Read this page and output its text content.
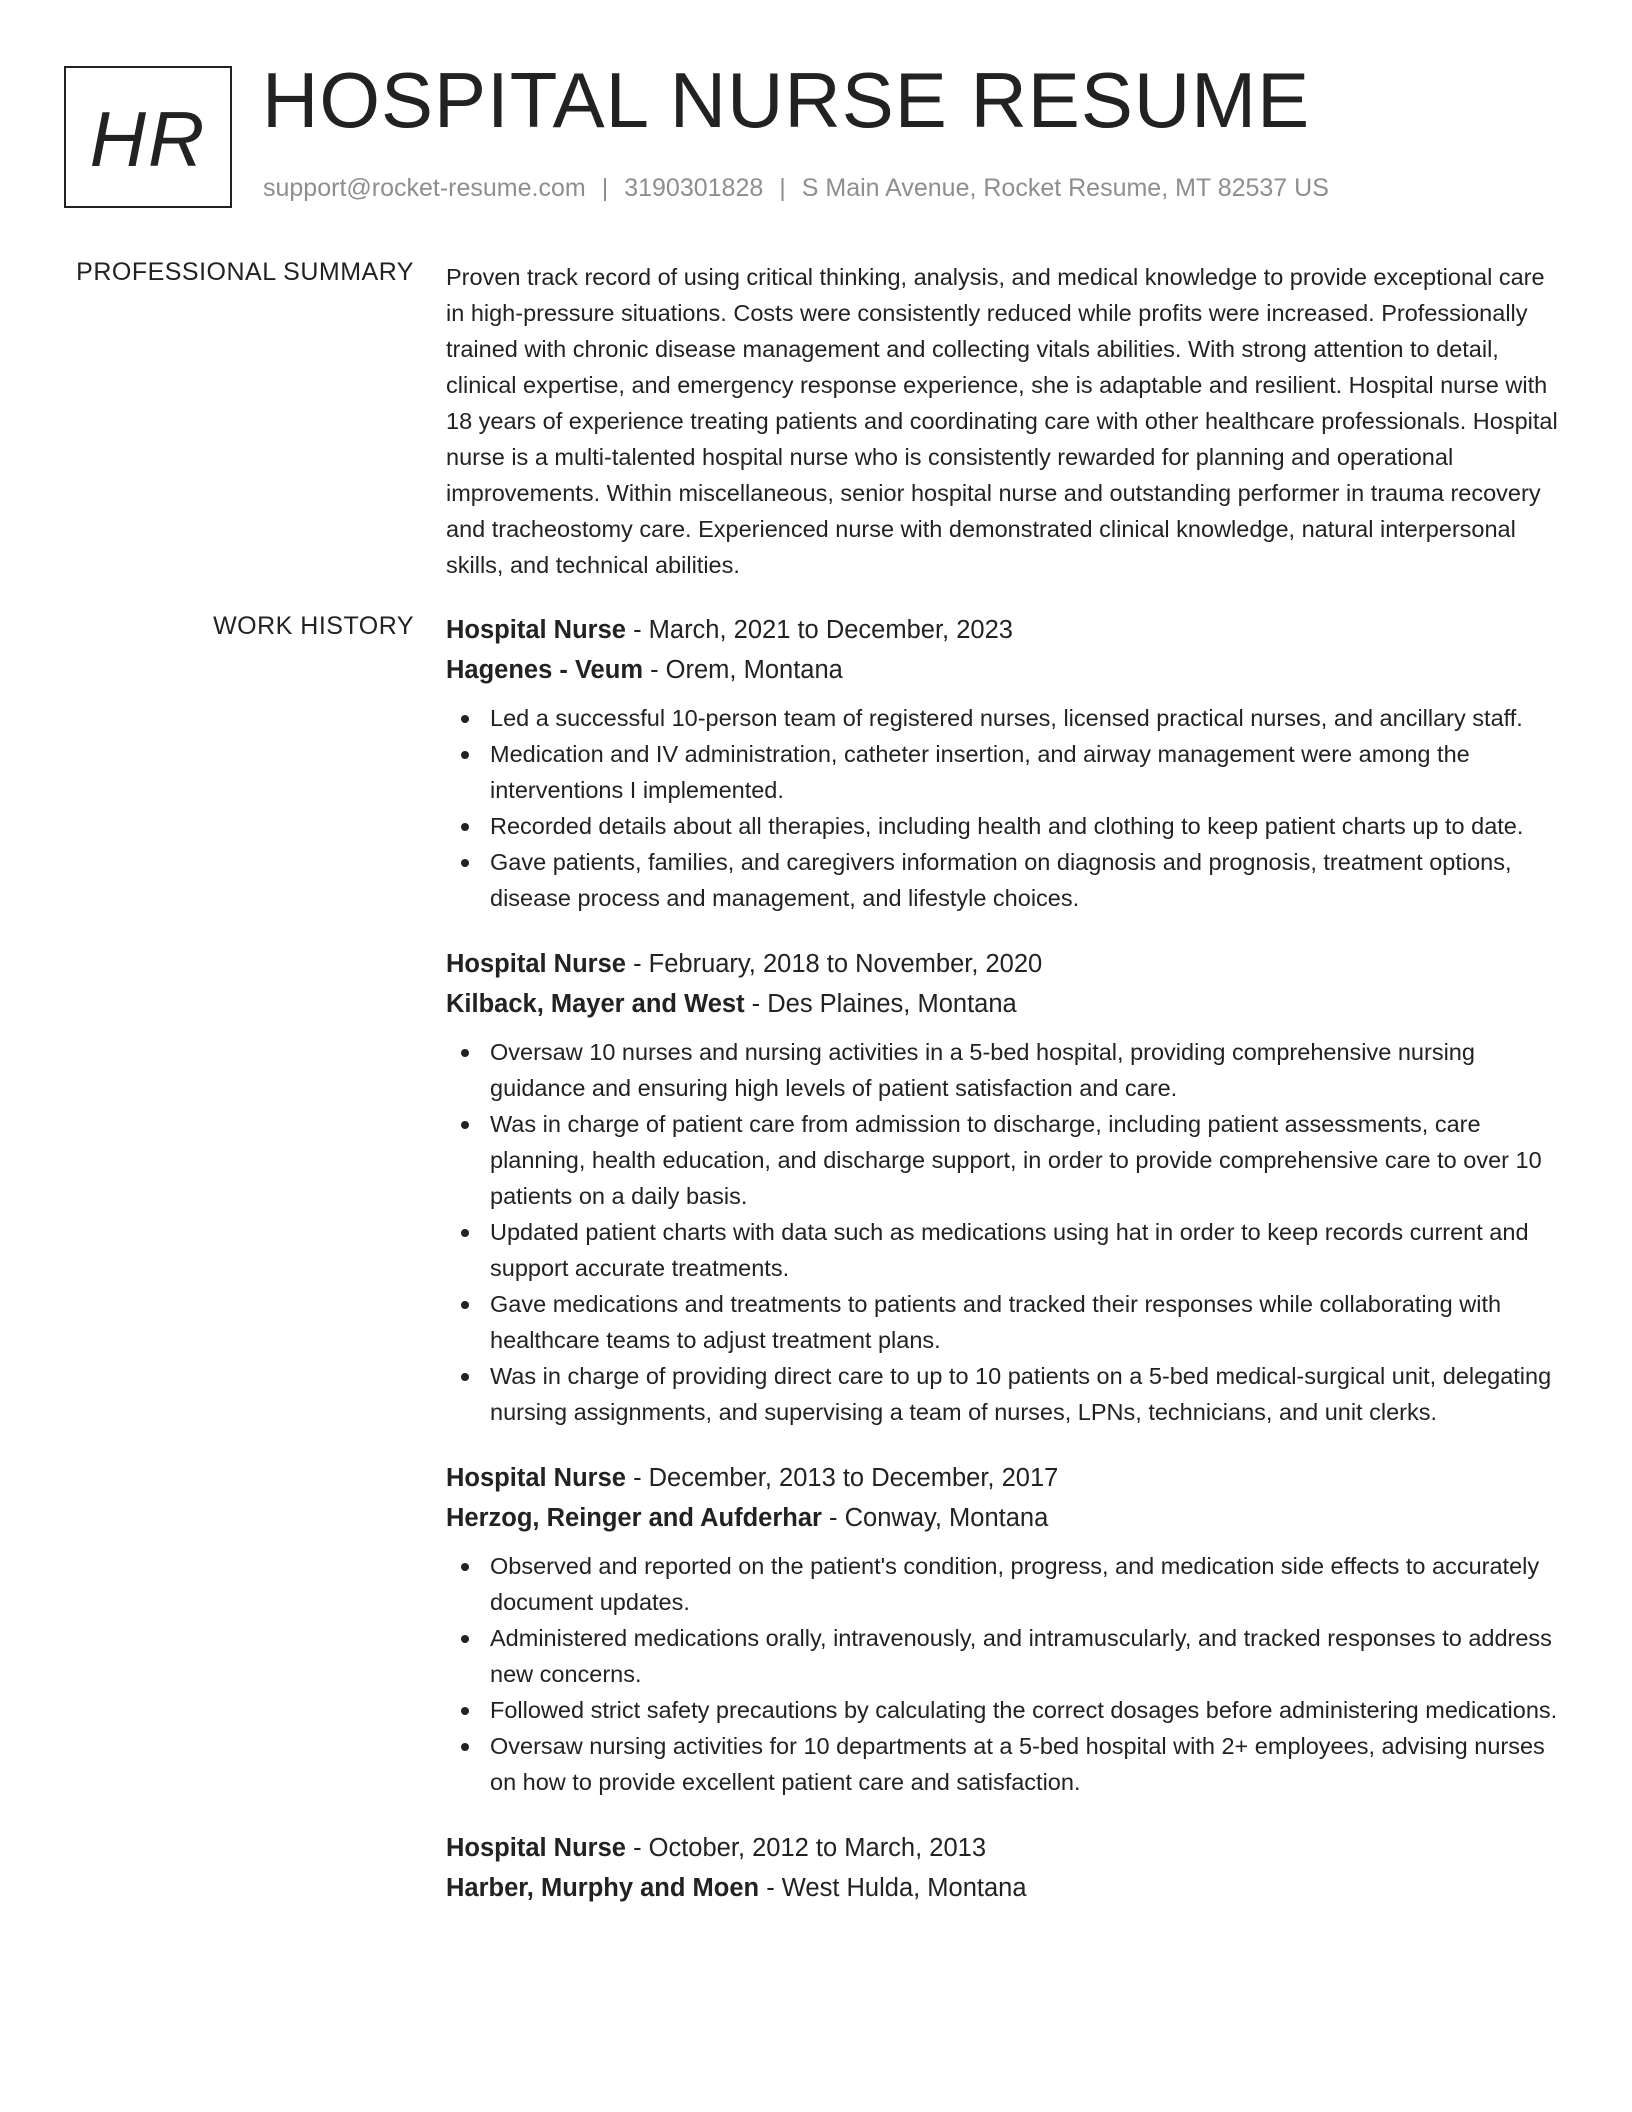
HR HOSPITAL NURSE RESUME
support@rocket-resume.com | 3190301828 | S Main Avenue, Rocket Resume, MT 82537 US
PROFESSIONAL SUMMARY Proven track record of using critical thinking, analysis, and medical knowledge to provide exceptional care in high-pressure situations. Costs were consistently reduced while profits were increased. Professionally trained with chronic disease management and collecting vitals abilities. With strong attention to detail, clinical expertise, and emergency response experience, she is adaptable and resilient. Hospital nurse with 18 years of experience treating patients and coordinating care with other healthcare professionals. Hospital nurse is a multi-talented hospital nurse who is consistently rewarded for planning and operational improvements. Within miscellaneous, senior hospital nurse and outstanding performer in trauma recovery and tracheostomy care. Experienced nurse with demonstrated clinical knowledge, natural interpersonal skills, and technical abilities.

WORK HISTORY Hospital Nurse - March, 2021 to December, 2023
Hagenes - Veum - Orem, Montana
Led a successful 10-person team of registered nurses, licensed practical nurses, and ancillary staff.
Medication and IV administration, catheter insertion, and airway management were among the interventions I implemented.
Recorded details about all therapies, including health and clothing to keep patient charts up to date.
Gave patients, families, and caregivers information on diagnosis and prognosis, treatment options, disease process and management, and lifestyle choices.
Hospital Nurse - February, 2018 to November, 2020
Kilback, Mayer and West - Des Plaines, Montana
Oversaw 10 nurses and nursing activities in a 5-bed hospital, providing comprehensive nursing guidance and ensuring high levels of patient satisfaction and care.
Was in charge of patient care from admission to discharge, including patient assessments, care planning, health education, and discharge support, in order to provide comprehensive care to over 10 patients on a daily basis.
Updated patient charts with data such as medications using hat in order to keep records current and support accurate treatments.
Gave medications and treatments to patients and tracked their responses while collaborating with healthcare teams to adjust treatment plans.
Was in charge of providing direct care to up to 10 patients on a 5-bed medical-surgical unit, delegating nursing assignments, and supervising a team of nurses, LPNs, technicians, and unit clerks.
Hospital Nurse - December, 2013 to December, 2017
Herzog, Reinger and Aufderhar - Conway, Montana
Observed and reported on the patient's condition, progress, and medication side effects to accurately document updates.
Administered medications orally, intravenously, and intramuscularly, and tracked responses to address new concerns.
Followed strict safety precautions by calculating the correct dosages before administering medications.
Oversaw nursing activities for 10 departments at a 5-bed hospital with 2+ employees, advising nurses on how to provide excellent patient care and satisfaction.
Hospital Nurse - October, 2012 to March, 2013
Harber, Murphy and Moen - West Hulda, Montana
